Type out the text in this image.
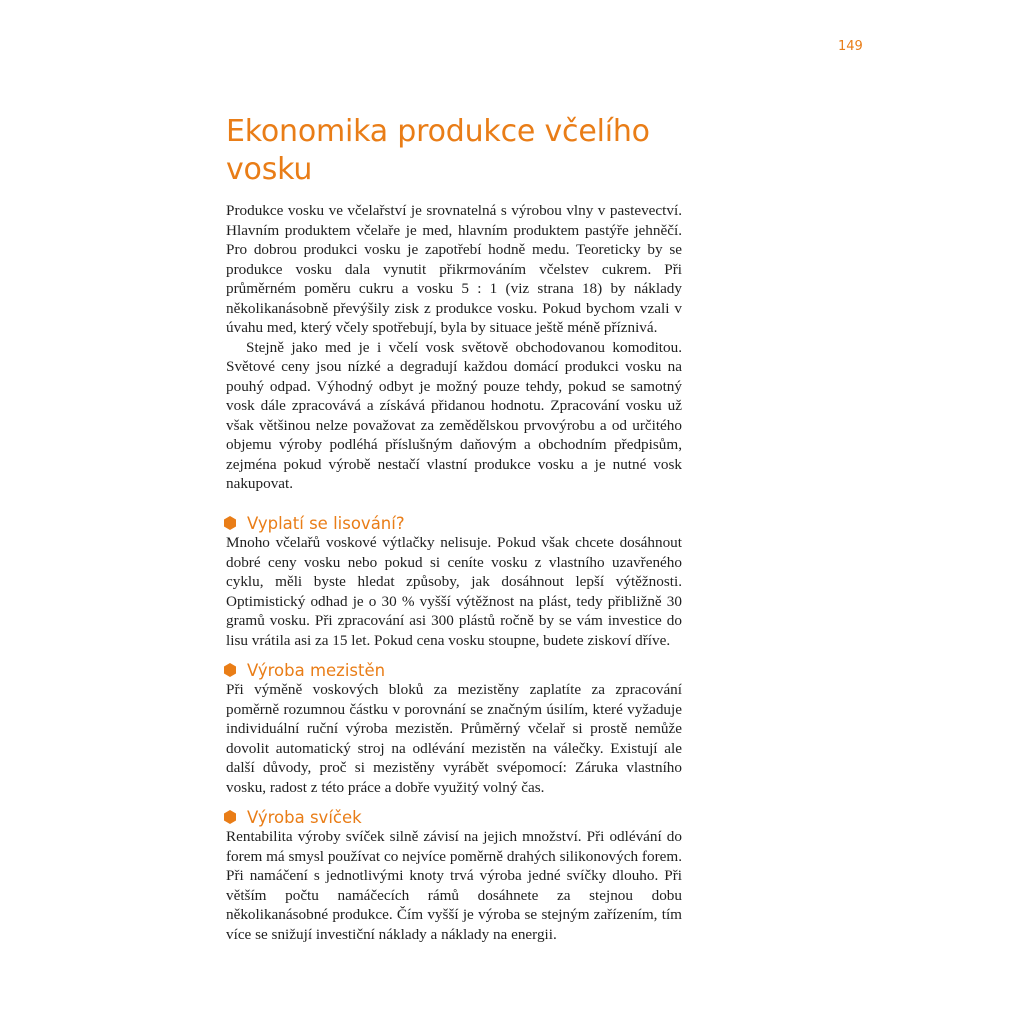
149
Ekonomika produkce včelího vosku

Produkce vosku ve včelařství je srovnatelná s výrobou vlny v pastevectví. Hlavním produktem včelaře je med, hlavním produktem pastýře jehněčí. Pro dobrou produkci vosku je zapotřebí hodně medu. Teoreticky by se produkce vosku dala vynutit přikrmováním včelstev cukrem. Při průměrném poměru cukru a vosku 5 : 1 (viz strana 18) by náklady několikanásobně převýšily zisk z produkce vosku. Pokud bychom vzali v úvahu med, který včely spotřebují, byla by situace ještě méně příznivá.

Stejně jako med je i včelí vosk světově obchodovanou komoditou. Světové ceny jsou nízké a degradují každou domácí produkci vosku na pouhý odpad. Výhodný odbyt je možný pouze tehdy, pokud se samotný vosk dále zpracovává a získává přidanou hodnotu. Zpracování vosku už však většinou nelze považovat za zemědělskou prvovýrobu a od určitého objemu výroby podléhá příslušným daňovým a obchodním předpisům, zejména pokud výrobě nestačí vlastní produkce vosku a je nutné vosk nakupovat.

Vyplatí se lisování?

Mnoho včelařů voskové výtlačky nelisuje. Pokud však chcete dosáhnout dobré ceny vosku nebo pokud si ceníte vosku z vlastního uzavřeného cyklu, měli byste hledat způsoby, jak dosáhnout lepší výtěžnosti. Optimistický odhad je o 30 % vyšší výtěžnost na plást, tedy přibližně 30 gramů vosku. Při zpracování asi 300 plástů ročně by se vám investice do lisu vrátila asi za 15 let. Pokud cena vosku stoupne, budete ziskoví dříve.

Výroba mezistěn

Při výměně voskových bloků za mezistěny zaplatíte za zpracování poměrně rozumnou částku v porovnání se značným úsilím, které vyžaduje individuální ruční výroba mezistěn. Průměrný včelař si prostě nemůže dovolit automatický stroj na odlévání mezistěn na válečky. Existují ale další důvody, proč si mezistěny vyrábět svépomocí: Záruka vlastního vosku, radost z této práce a dobře využitý volný čas.

Výroba svíček

Rentabilita výroby svíček silně závisí na jejich množství. Při odlévání do forem má smysl používat co nejvíce poměrně drahých silikonových forem. Při namáčení s jednotlivými knoty trvá výroba jedné svíčky dlouho. Při větším počtu namáčecích rámů dosáhnete za stejnou dobu několikanásobné produkce. Čím vyšší je výroba se stejným zařízením, tím více se snižují investiční náklady a náklady na energii.
